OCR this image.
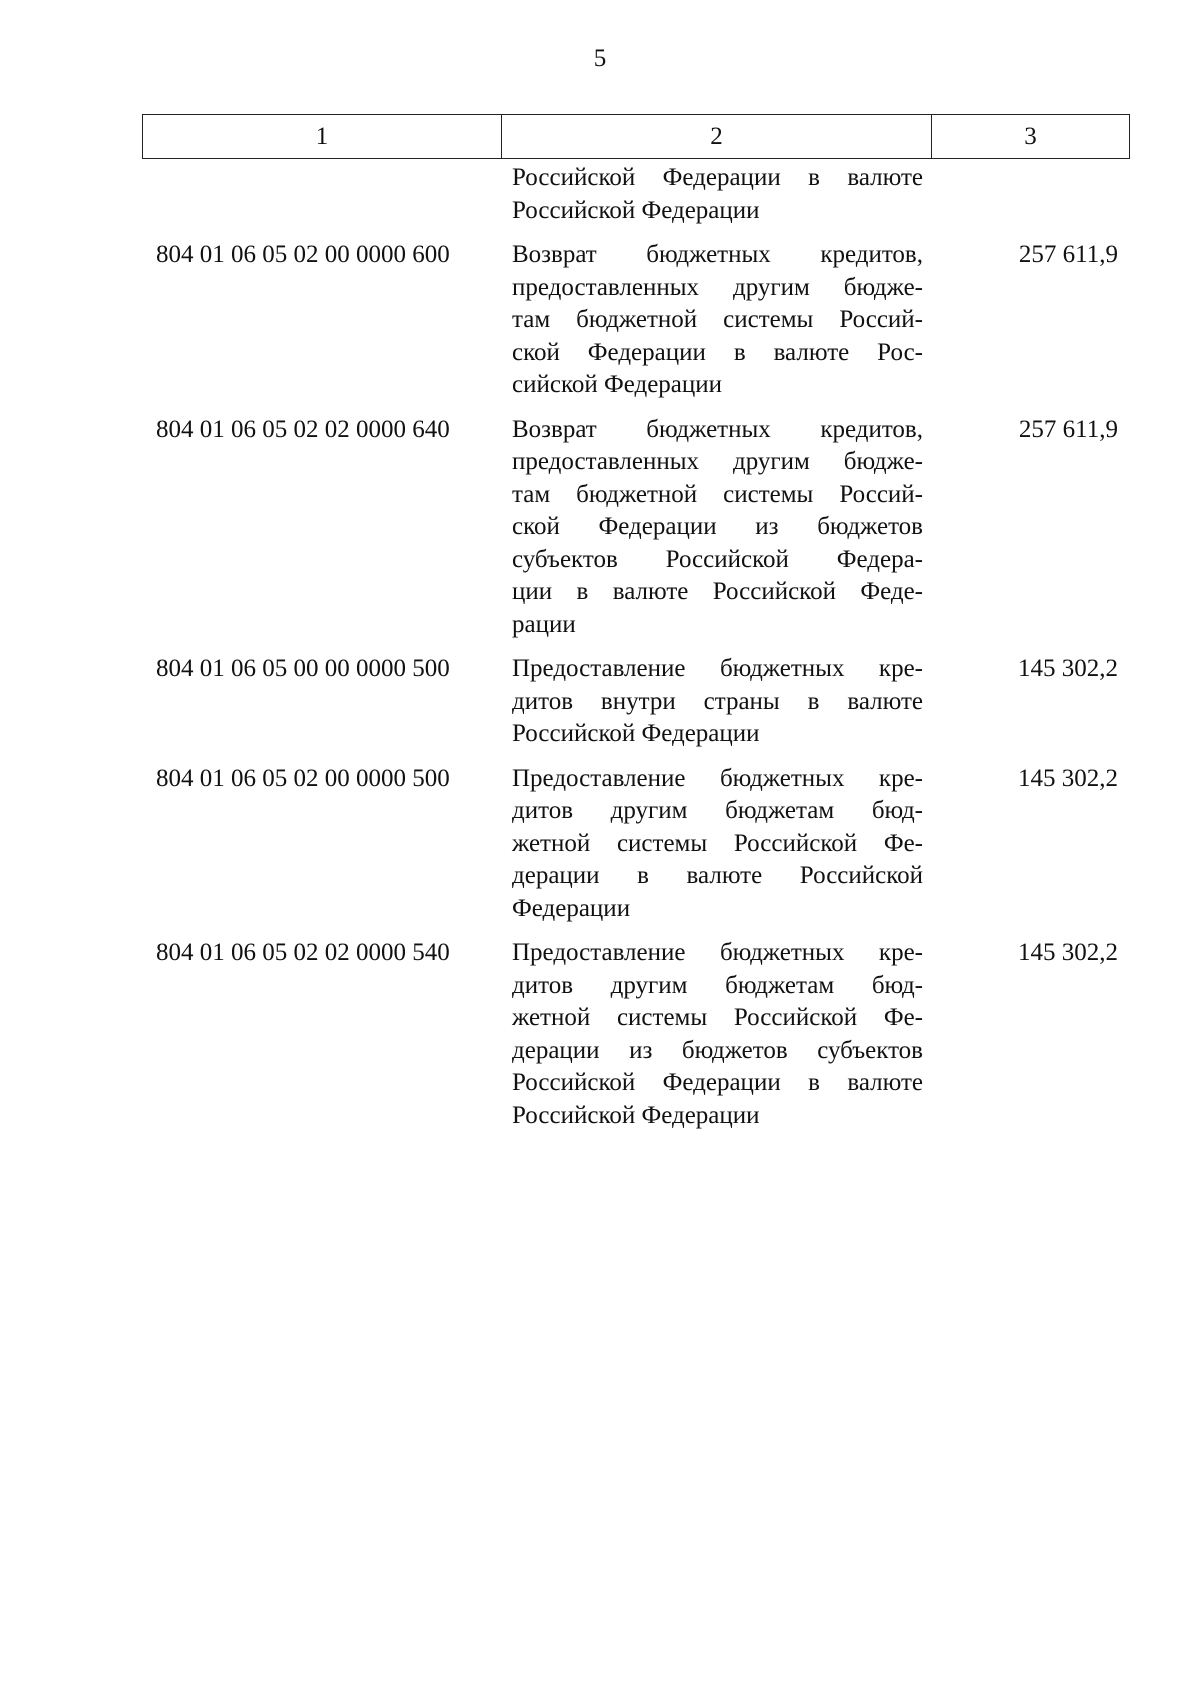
5
1	2	3
Российской Федерации в валюте
Российской Федерации
804 01 06 05 02 00 0000 600	Возврат бюджетных кредитов,
предоставленных другим бюдже-
там бюджетной системы Россий-
ской Федерации в валюте Рос-
сийской Федерации
257 611,9
804 01 06 05 02 02 0000 640	Возврат бюджетных кредитов,
предоставленных другим бюдже-
там бюджетной системы Россий-
ской Федерации из бюджетов
субъектов Российской Федера-
ции в валюте Российской Феде-
рации
257 611,9
804 01 06 05 00 00 0000 500	Предоставление бюджетных кре-
дитов внутри страны в валюте
Российской Федерации
145 302,2
804 01 06 05 02 00 0000 500	Предоставление бюджетных кре-
дитов другим бюджетам бюд-
жетной системы Российской Фе-
дерации в валюте Российской
Федерации
145 302,2
804 01 06 05 02 02 0000 540	Предоставление бюджетных кре-
дитов другим бюджетам бюд-
жетной системы Российской Фе-
дерации из бюджетов субъектов
Российской Федерации в валюте
Российской Федерации
145 302,2
